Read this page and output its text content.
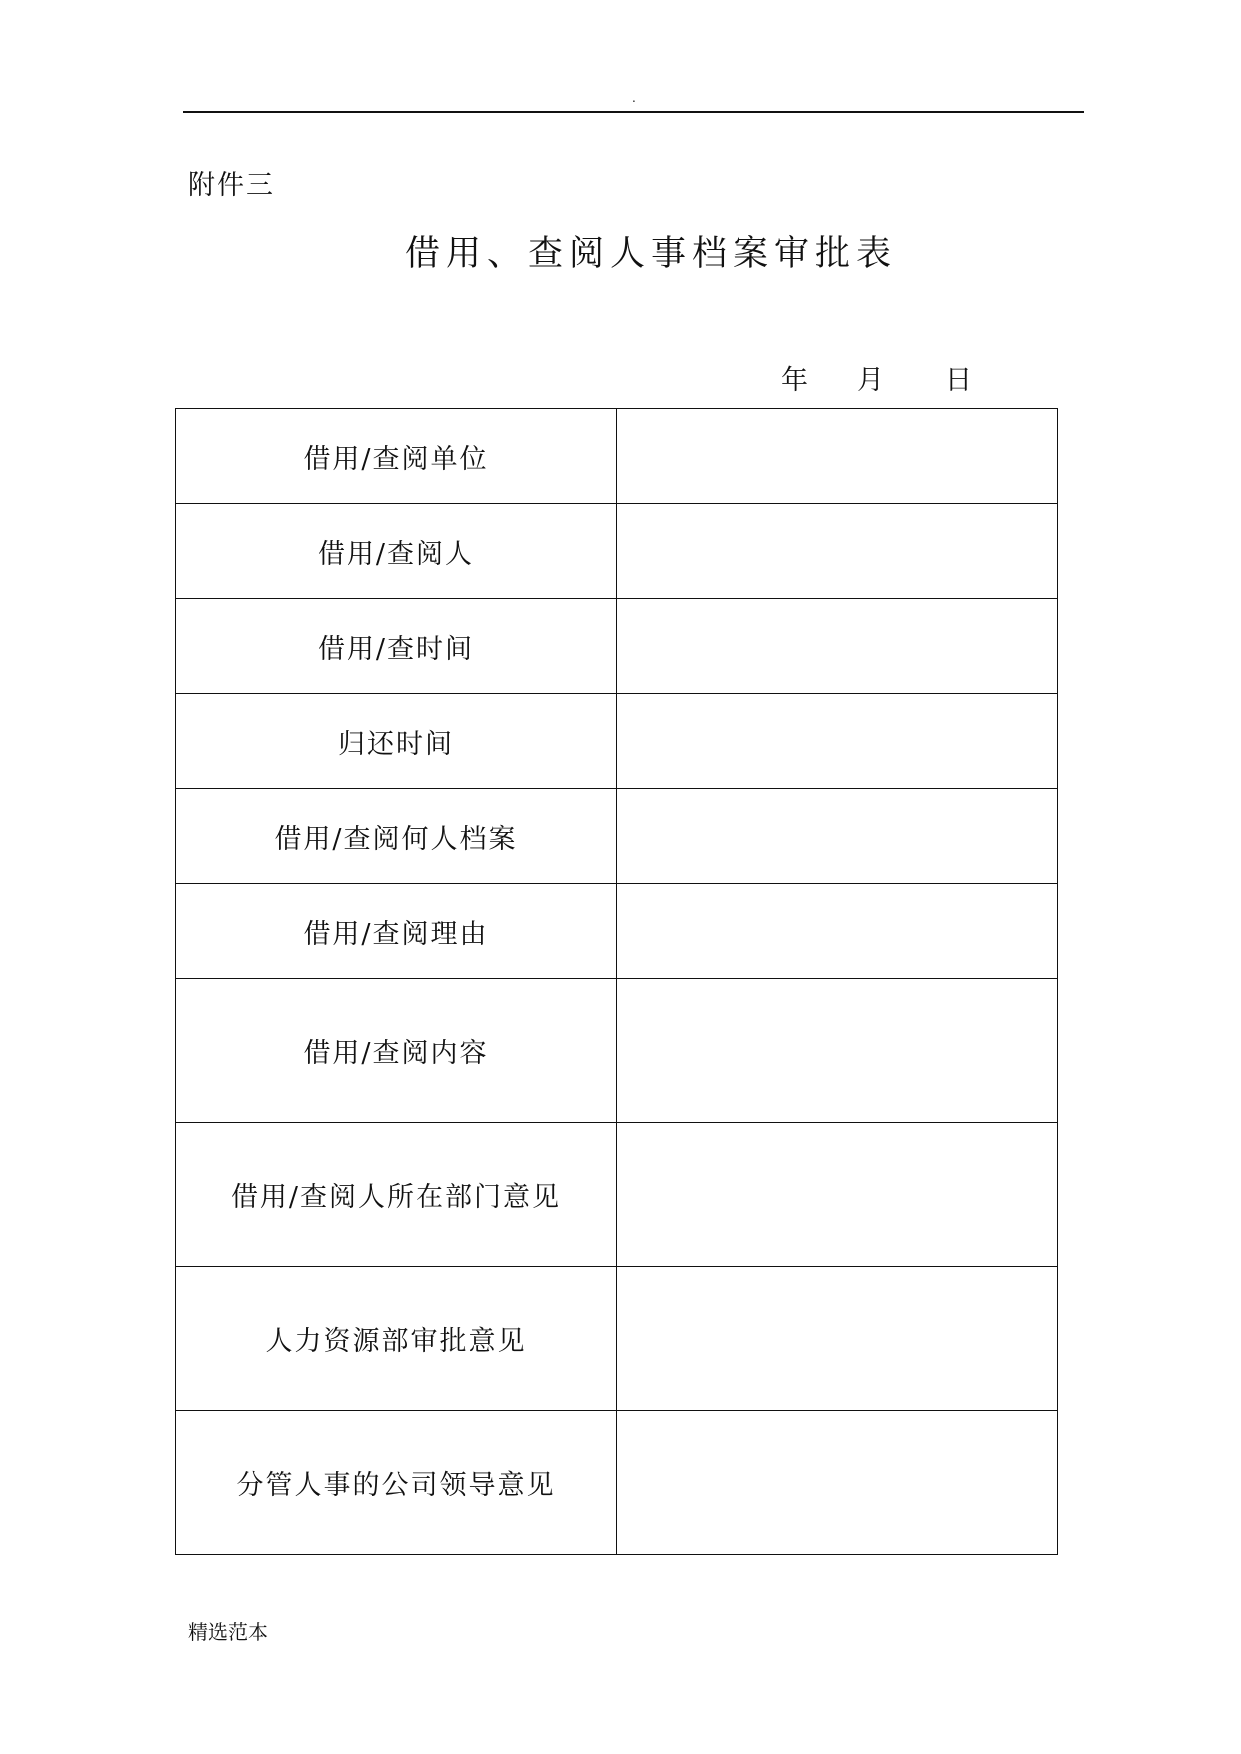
.
附件三
借用、查阅人事档案审批表
年 月 日
借用/查阅单位	
借用/查阅人	
借用/查时间	
归还时间	
借用/查阅何人档案	
借用/查阅理由	
借用/查阅内容	
借用/查阅人所在部门意见	
人力资源部审批意见	
分管人事的公司领导意见	
精选范本
